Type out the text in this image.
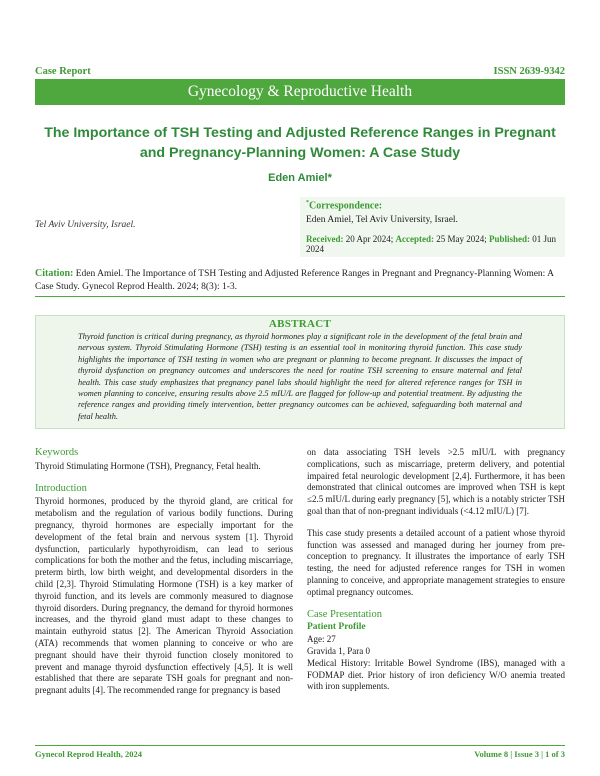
Case Report	ISSN 2639-9342
Gynecology & Reproductive Health
The Importance of TSH Testing and Adjusted Reference Ranges in Pregnant and Pregnancy-Planning Women: A Case Study
Eden Amiel*
Tel Aviv University, Israel.
*Correspondence:
Eden Amiel, Tel Aviv University, Israel.
Received: 20 Apr 2024; Accepted: 25 May 2024; Published: 01 Jun 2024
Citation: Eden Amiel. The Importance of TSH Testing and Adjusted Reference Ranges in Pregnant and Pregnancy-Planning Women: A Case Study. Gynecol Reprod Health. 2024; 8(3): 1-3.
ABSTRACT
Thyroid function is critical during pregnancy, as thyroid hormones play a significant role in the development of the fetal brain and nervous system. Thyroid Stimulating Hormone (TSH) testing is an essential tool in monitoring thyroid function. This case study highlights the importance of TSH testing in women who are pregnant or planning to become pregnant. It discusses the impact of thyroid dysfunction on pregnancy outcomes and underscores the need for routine TSH screening to ensure maternal and fetal health. This case study emphasizes that pregnancy panel labs should highlight the need for altered reference ranges for TSH in women planning to conceive, ensuring results above 2.5 mIU/L are flagged for follow-up and potential treatment. By adjusting the reference ranges and providing timely intervention, better pregnancy outcomes can be achieved, safeguarding both maternal and fetal health.
Keywords
Thyroid Stimulating Hormone (TSH), Pregnancy, Fetal health.
Introduction
Thyroid hormones, produced by the thyroid gland, are critical for metabolism and the regulation of various bodily functions. During pregnancy, thyroid hormones are especially important for the development of the fetal brain and nervous system [1]. Thyroid dysfunction, particularly hypothyroidism, can lead to serious complications for both the mother and the fetus, including miscarriage, preterm birth, low birth weight, and developmental disorders in the child [2,3]. Thyroid Stimulating Hormone (TSH) is a key marker of thyroid function, and its levels are commonly measured to diagnose thyroid disorders. During pregnancy, the demand for thyroid hormones increases, and the thyroid gland must adapt to these changes to maintain euthyroid status [2]. The American Thyroid Association (ATA) recommends that women planning to conceive or who are pregnant should have their thyroid function closely monitored to prevent and manage thyroid dysfunction effectively [4,5]. It is well established that there are separate TSH goals for pregnant and non-pregnant adults [4]. The recommended range for pregnancy is based
on data associating TSH levels >2.5 mIU/L with pregnancy complications, such as miscarriage, preterm delivery, and potential impaired fetal neurologic development [2,4]. Furthermore, it has been demonstrated that clinical outcomes are improved when TSH is kept ≤2.5 mIU/L during early pregnancy [5], which is a notably stricter TSH goal than that of non-pregnant individuals (<4.12 mIU/L) [7].
This case study presents a detailed account of a patient whose thyroid function was assessed and managed during her journey from pre-conception to pregnancy. It illustrates the importance of early TSH testing, the need for adjusted reference ranges for TSH in women planning to conceive, and appropriate management strategies to ensure optimal pregnancy outcomes.
Case Presentation
Patient Profile
Age: 27
Gravida 1, Para 0
Medical History: Irritable Bowel Syndrome (IBS), managed with a FODMAP diet. Prior history of iron deficiency W/O anemia treated with iron supplements.
Gynecol Reprod Health, 2024	Volume 8 | Issue 3 | 1 of 3
